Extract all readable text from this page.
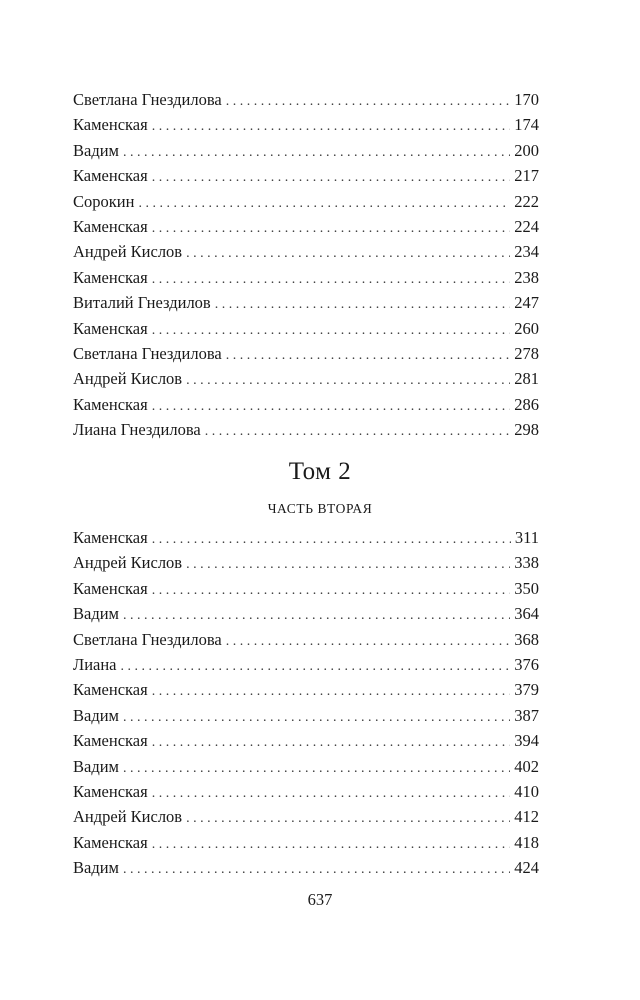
Светлана Гнездилова . . .	170
Каменская . . .	174
Вадим . . .	200
Каменская . . .	217
Сорокин . . .	222
Каменская . . .	224
Андрей Кислов . . .	234
Каменская . . .	238
Виталий Гнездилов . . .	247
Каменская . . .	260
Светлана Гнездилова . . .	278
Андрей Кислов . . .	281
Каменская . . .	286
Лиана Гнездилова . . .	298
Том 2
ЧАСТЬ ВТОРАЯ
Каменская . . .	311
Андрей Кислов . . .	338
Каменская . . .	350
Вадим . . .	364
Светлана Гнездилова . . .	368
Лиана . . .	376
Каменская . . .	379
Вадим . . .	387
Каменская . . .	394
Вадим . . .	402
Каменская . . .	410
Андрей Кислов . . .	412
Каменская . . .	418
Вадим . . .	424
637
